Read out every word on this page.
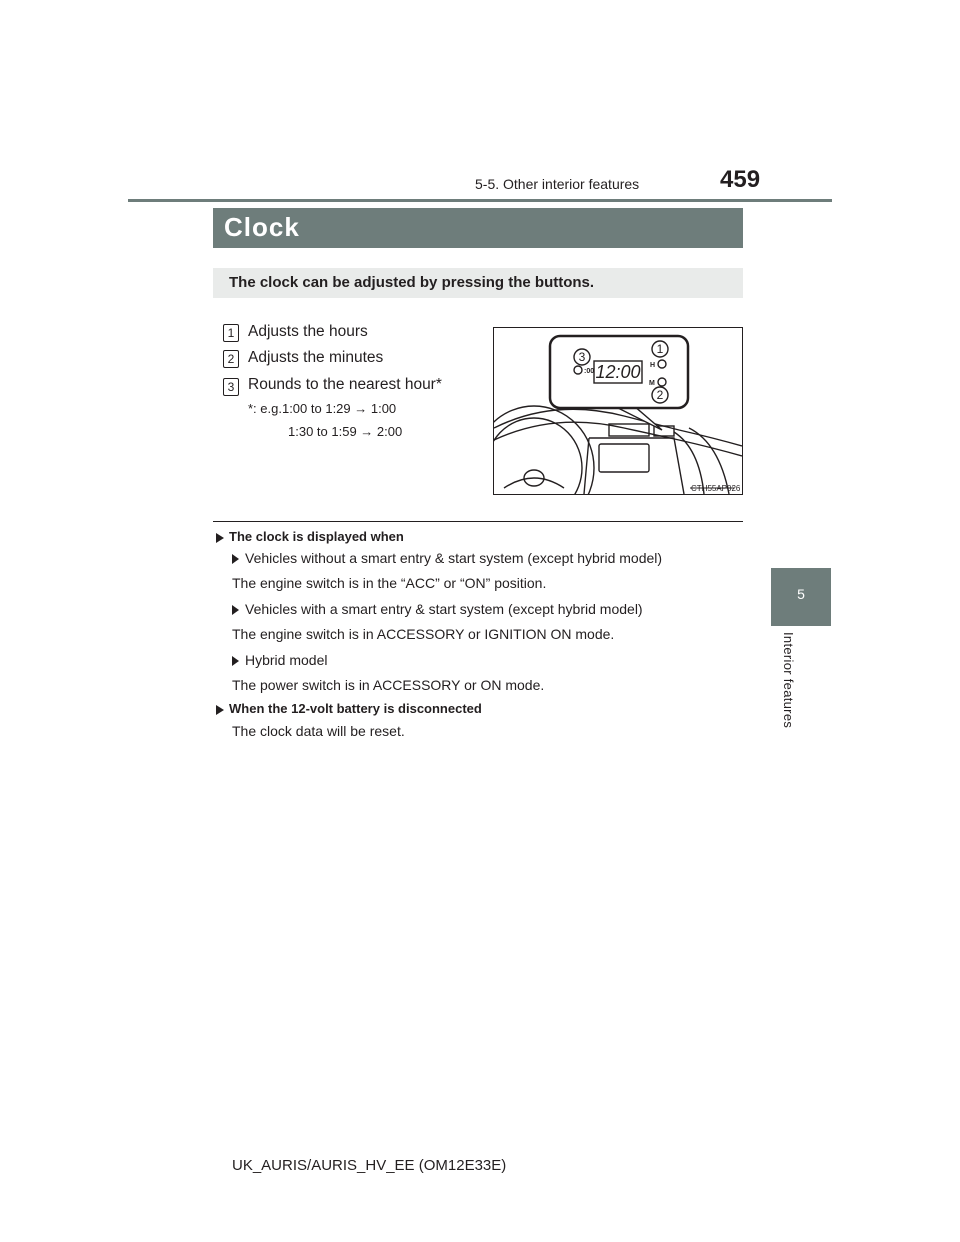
5-5. Other interior features	459
5
Interior features
Clock
The clock can be adjusted by pressing the buttons.
1 Adjusts the hours
2 Adjusts the minutes
3 Rounds to the nearest hour*
*: e.g.1:00 to 1:29 → 1:00
1:30 to 1:59 → 2:00
12:00
:00
H
M
3
1
2
CTH55AP026
The clock is displayed when
Vehicles without a smart entry & start system (except hybrid model)
The engine switch is in the “ACC” or “ON” position.
Vehicles with a smart entry & start system (except hybrid model)
The engine switch is in ACCESSORY or IGNITION ON mode.
Hybrid model
The power switch is in ACCESSORY or ON mode.
When the 12-volt battery is disconnected
The clock data will be reset.
UK_AURIS/AURIS_HV_EE (OM12E33E)
